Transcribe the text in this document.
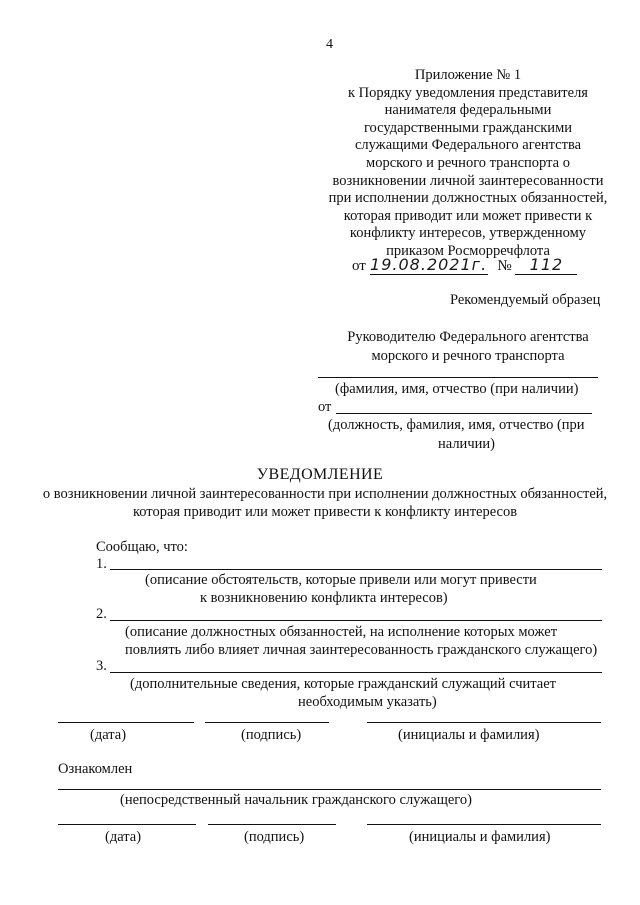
4
Приложение № 1
к Порядку уведомления представителя
нанимателя федеральными
государственными гражданскими
служащими Федерального агентства
морского и речного транспорта о
возникновении личной заинтересованности
при исполнении должностных обязанностей,
которая приводит или может привести к
конфликту интересов, утвержденному
приказом Росморречфлота
от 19.08.2021г. № 112
Рекомендуемый образец
Руководителю Федерального агентства
морского и речного транспорта
(фамилия, имя, отчество (при наличии)
от
(должность, фамилия, имя, отчество (при
наличии)
УВЕДОМЛЕНИЕ
о возникновении личной заинтересованности при исполнении должностных обязанностей, которая приводит или может привести к конфликту интересов
Сообщаю, что:
1.
(описание обстоятельств, которые привели или могут привести
к возникновению конфликта интересов)
2.
(описание должностных обязанностей, на исполнение которых может
повлиять либо влияет личная заинтересованность гражданского служащего)
3.
(дополнительные сведения, которые гражданский служащий считает
необходимым указать)
(дата)	(подпись)	(инициалы и фамилия)
Ознакомлен
(непосредственный начальник гражданского служащего)
(дата)	(подпись)	(инициалы и фамилия)
